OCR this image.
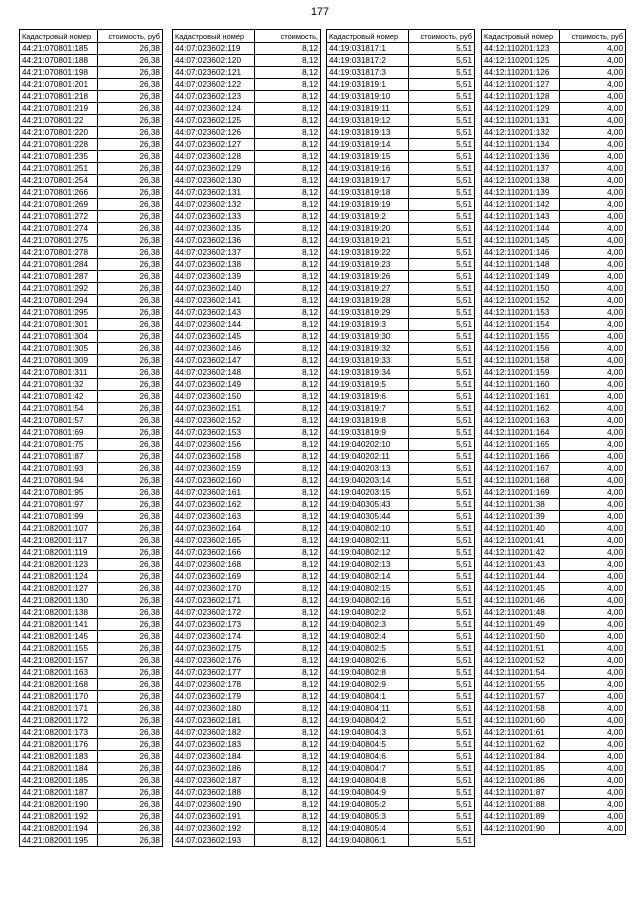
177
Кадастровый номер	стоимость, руб
44:21:070801:185	26,38
44:21:070801:188	26,38
44:21:070801:198	26,38
44:21:070801:201	26,38
44:21:070801:218	26,38
44:21:070801:219	26,38
44:21:070801:22	26,38
44:21:070801:220	26,38
44:21:070801:228	26,38
44:21:070801:235	26,38
44:21:070801:251	26,38
44:21:070801:254	26,38
44:21:070801:266	26,38
44:21:070801:269	26,38
44:21:070801:272	26,38
44:21:070801:274	26,38
44:21:070801:275	26,38
44:21:070801:278	26,38
44:21:070801:284	26,38
44:21:070801:287	26,38
44:21:070801:292	26,38
44:21:070801:294	26,38
44:21:070801:295	26,38
44:21:070801:301	26,38
44:21:070801:304	26,38
44:21:070801:305	26,38
44:21:070801:309	26,38
44:21:070801:311	26,38
44:21:070801:32	26,38
44:21:070801:42	26,38
44:21:070801:54	26,38
44:21:070801:57	26,38
44:21:070801:69	26,38
44:21:070801:75	26,38
44:21:070801:87	26,38
44:21:070801:93	26,38
44:21:070801:94	26,38
44:21:070801:95	26,38
44:21:070801:97	26,38
44:21:070801:99	26,38
44:21:082001:107	26,38
44:21:082001:117	26,38
44:21:082001:119	26,38
44:21:082001:123	26,38
44:21:082001:124	26,38
44:21:082001:127	26,38
44:21:082001:130	26,38
44:21:082001:138	26,38
44:21:082001:141	26,38
44:21:082001:145	26,38
44:21:082001:155	26,38
44:21:082001:157	26,38
44:21:082001:163	26,38
44:21:082001:168	26,38
44:21:082001:170	26,38
44:21:082001:171	26,38
44:21:082001:172	26,38
44:21:082001:173	26,38
44:21:082001:176	26,38
44:21:082001:183	26,38
44:21:082001:184	26,38
44:21:082001:185	26,38
44:21:082001:187	26,38
44:21:082001:190	26,38
44:21:082001:192	26,38
44:21:082001:194	26,38
44:21:082001:195	26,38
Кадастровый номер	стоимость,
44:07:023602:119	8,12
44:07:023602:120	8,12
44:07:023602:121	8,12
44:07:023602:122	8,12
44:07:023602:123	8,12
44:07:023602:124	8,12
44:07:023602:125	8,12
44:07:023602:126	8,12
44:07:023602:127	8,12
44:07:023602:128	8,12
44:07:023602:129	8,12
44:07:023602:130	8,12
44:07:023602:131	8,12
44:07:023602:132	8,12
44:07:023602:133	8,12
44:07:023602:135	8,12
44:07:023602:136	8,12
44:07:023602:137	8,12
44:07:023602:138	8,12
44:07:023602:139	8,12
44:07:023602:140	8,12
44:07:023602:141	8,12
44:07:023602:143	8,12
44:07:023602:144	8,12
44:07:023602:145	8,12
44:07:023602:146	8,12
44:07:023602:147	8,12
44:07:023602:148	8,12
44:07:023602:149	8,12
44:07:023602:150	8,12
44:07:023602:151	8,12
44:07:023602:152	8,12
44:07:023602:153	8,12
44:07:023602:156	8,12
44:07:023602:158	8,12
44:07:023602:159	8,12
44:07:023602:160	8,12
44:07:023602:161	8,12
44:07:023602:162	8,12
44:07:023602:163	8,12
44:07:023602:164	8,12
44:07:023602:165	8,12
44:07:023602:166	8,12
44:07:023602:168	8,12
44:07:023602:169	8,12
44:07:023602:170	8,12
44:07:023602:171	8,12
44:07:023602:172	8,12
44:07:023602:173	8,12
44:07:023602:174	8,12
44:07:023602:175	8,12
44:07:023602:176	8,12
44:07:023602:177	8,12
44:07:023602:178	8,12
44:07:023602:179	8,12
44:07:023602:180	8,12
44:07:023602:181	8,12
44:07:023602:182	8,12
44:07:023602:183	8,12
44:07:023602:184	8,12
44:07:023602:186	8,12
44:07:023602:187	8,12
44:07:023602:188	8,12
44:07:023602:190	8,12
44:07:023602:191	8,12
44:07:023602:192	8,12
44:07:023602:193	8,12
Кадастровый номер	стоимость, руб
44:19:031817:1	5,51
44:19:031817:2	5,51
44:19:031817:3	5,51
44:19:031819:1	5,51
44:19:031819:10	5,51
44:19:031819:11	5,51
44:19:031819:12	5,51
44:19:031819:13	5,51
44:19:031819:14	5,51
44:19:031819:15	5,51
44:19:031819:16	5,51
44:19:031819:17	5,51
44:19:031819:18	5,51
44:19:031819:19	5,51
44:19:031819:2	5,51
44:19:031819:20	5,51
44:19:031819:21	5,51
44:19:031819:22	5,51
44:19:031819:23	5,51
44:19:031819:26	5,51
44:19:031819:27	5,51
44:19:031819:28	5,51
44:19:031819:29	5,51
44:19:031819:3	5,51
44:19:031819:30	5,51
44:19:031819:32	5,51
44:19:031819:33	5,51
44:19:031819:34	5,51
44:19:031819:5	5,51
44:19:031819:6	5,51
44:19:031819:7	5,51
44:19:031819:8	5,51
44:19:031819:9	5,51
44:19:040202:10	5,51
44:19:040202:11	5,51
44:19:040203:13	5,51
44:19:040203:14	5,51
44:19:040203:15	5,51
44:19:040305:43	5,51
44:19:040305:44	5,51
44:19:040802:10	5,51
44:19:040802:11	5,51
44:19:040802:12	5,51
44:19:040802:13	5,51
44:19:040802:14	5,51
44:19:040802:15	5,51
44:19:040802:16	5,51
44:19:040802:2	5,51
44:19:040802:3	5,51
44:19:040802:4	5,51
44:19:040802:5	5,51
44:19:040802:6	5,51
44:19:040802:8	5,51
44:19:040802:9	5,51
44:19:040804:1	5,51
44:19:040804:11	5,51
44:19:040804:2	5,51
44:19:040804:3	5,51
44:19:040804:5	5,51
44:19:040804:6	5,51
44:19:040804:7	5,51
44:19:040804:8	5,51
44:19:040804:9	5,51
44:19:040805:2	5,51
44:19:040805:3	5,51
44:19:040805:4	5,51
44:19:040806:1	5,51
Кадастровый номер	стоимость, руб
44:12:110201:123	4,00
44:12:110201:125	4,00
44:12:110201:126	4,00
44:12:110201:127	4,00
44:12:110201:128	4,00
44:12:110201:129	4,00
44:12:110201:131	4,00
44:12:110201:132	4,00
44:12:110201:134	4,00
44:12:110201:136	4,00
44:12:110201:137	4,00
44:12:110201:138	4,00
44:12:110201:139	4,00
44:12:110201:142	4,00
44:12:110201:143	4,00
44:12:110201:144	4,00
44:12:110201:145	4,00
44:12:110201:146	4,00
44:12:110201:148	4,00
44:12:110201:149	4,00
44:12:110201:150	4,00
44:12:110201:152	4,00
44:12:110201:153	4,00
44:12:110201:154	4,00
44:12:110201:155	4,00
44:12:110201:156	4,00
44:12:110201:158	4,00
44:12:110201:159	4,00
44:12:110201:160	4,00
44:12:110201:161	4,00
44:12:110201:162	4,00
44:12:110201:163	4,00
44:12:110201:164	4,00
44:12:110201:165	4,00
44:12:110201:166	4,00
44:12:110201:167	4,00
44:12:110201:168	4,00
44:12:110201:169	4,00
44:12:110201:38	4,00
44:12:110201:39	4,00
44:12:110201:40	4,00
44:12:110201:41	4,00
44:12:110201:42	4,00
44:12:110201:43	4,00
44:12:110201:44	4,00
44:12:110201:45	4,00
44:12:110201:46	4,00
44:12:110201:48	4,00
44:12:110201:49	4,00
44:12:110201:50	4,00
44:12:110201:51	4,00
44:12:110201:52	4,00
44:12:110201:54	4,00
44:12:110201:55	4,00
44:12:110201:57	4,00
44:12:110201:58	4,00
44:12:110201:60	4,00
44:12:110201:61	4,00
44:12:110201:62	4,00
44:12:110201:84	4,00
44:12:110201:85	4,00
44:12:110201:86	4,00
44:12:110201:87	4,00
44:12:110201:88	4,00
44:12:110201:89	4,00
44:12:110201:90	4,00
